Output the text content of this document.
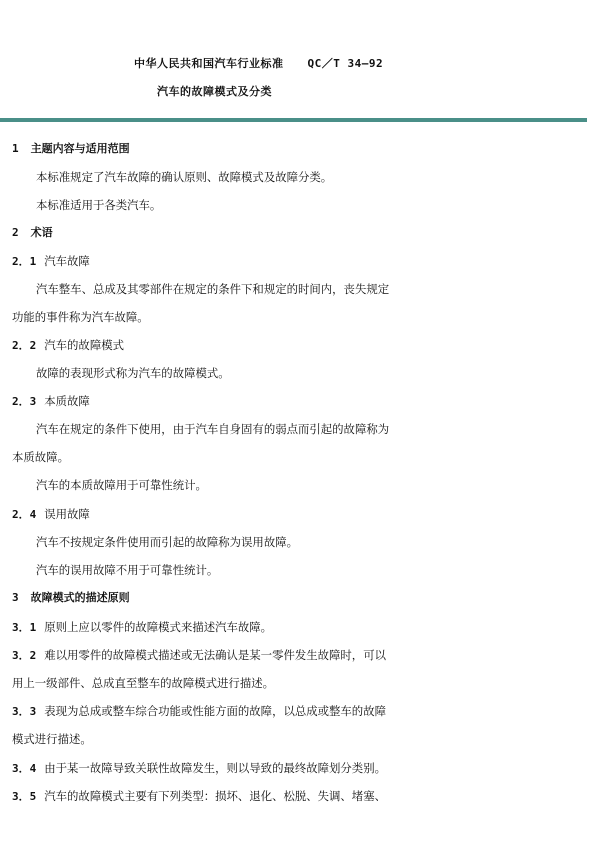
中华人民共和国汽车行业标准 QC／T 34—92
汽车的故障模式及分类
1 主题内容与适用范围
本标准规定了汽车故障的确认原则、故障模式及故障分类。
本标准适用于各类汽车。
2 术语
2．1 汽车故障
汽车整车、总成及其零部件在规定的条件下和规定的时间内，丧失规定
功能的事件称为汽车故障。
2．2 汽车的故障模式
故障的表现形式称为汽车的故障模式。
2．3 本质故障
汽车在规定的条件下使用，由于汽车自身固有的弱点而引起的故障称为
本质故障。
汽车的本质故障用于可靠性统计。
2．4 误用故障
汽车不按规定条件使用而引起的故障称为误用故障。
汽车的误用故障不用于可靠性统计。
3 故障模式的描述原则
3．1 原则上应以零件的故障模式来描述汽车故障。
3．2 难以用零件的故障模式描述或无法确认是某一零件发生故障时，可以
用上一级部件、总成直至整车的故障模式进行描述。
3．3 表现为总成或整车综合功能或性能方面的故障，以总成或整车的故障
模式进行描述。
3．4 由于某一故障导致关联性故障发生，则以导致的最终故障划分类别。
3．5 汽车的故障模式主要有下列类型：损坏、退化、松脱、失调、堵塞、
